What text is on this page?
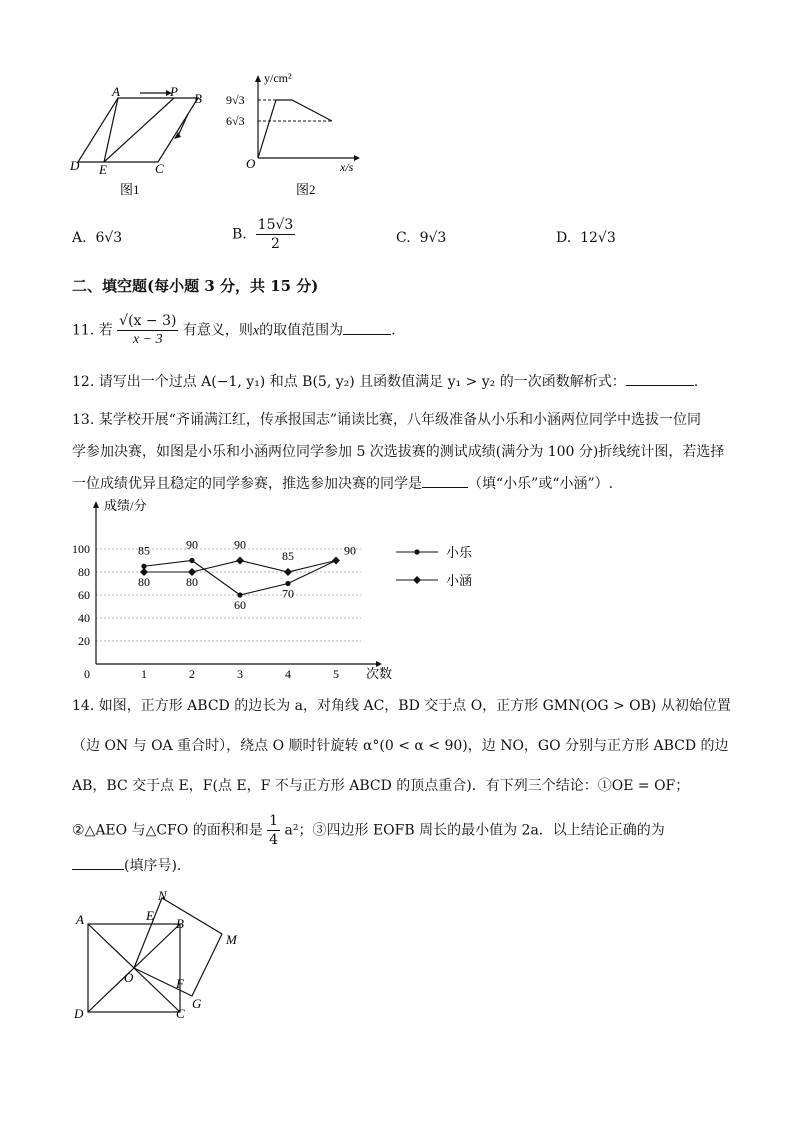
A	P B
D E	C
图1
y/cm²
9√3
6√3
O	x/s
图2
A. 6√3	B. $\frac{15√3}{2}$	C. 9√3	D. 12√3
二、填空题(每小题 3 分，共 15 分)
11. 若 $\frac{√(x - 3)}{x - 3}$ 有意义，则x的取值范围为	.
12. 请写出一个过点 A(−1, y₁) 和点 B(5, y₂) 且函数值满足 y₁ > y₂ 的一次函数解析式：	.
13. 某学校开展“齐诵满江红，传承报国志”诵读比赛，八年级准备从小乐和小涵两位同学中选拔一位同
学参加决赛，如图是小乐和小涵两位同学参加 5 次选拔赛的测试成绩(满分为 100 分)折线统计图，若选择
一位成绩优异且稳定的同学参赛，推选参加决赛的同学是	（填“小乐”或“小涵”）.
20
40
60
80
100
成绩/分
次数
0	1	2	3	4	5
85	90
60
70
90	小乐
80	80
90
85
小涵
14. 如图，正方形 ABCD 的边长为 a，对角线 AC，BD 交于点 O，正方形 GMN(OG > OB) 从初始位置
（边 ON 与 OA 重合时），绕点 O 顺时针旋转 α°(0 < α < 90)，边 NO，GO 分别与正方形 ABCD 的边
AB，BC 交于点 E，F(点 E，F 不与正方形 ABCD 的顶点重合)．有下列三个结论：①OE = OF；
②△AEO 与△CFO 的面积和是 $\frac{1}{4} a^2$；③四边形 EOFB 周长的最小值为 2a．以上结论正确的为
(填序号).
A	E
N
B
M
O	F
G
D	C
